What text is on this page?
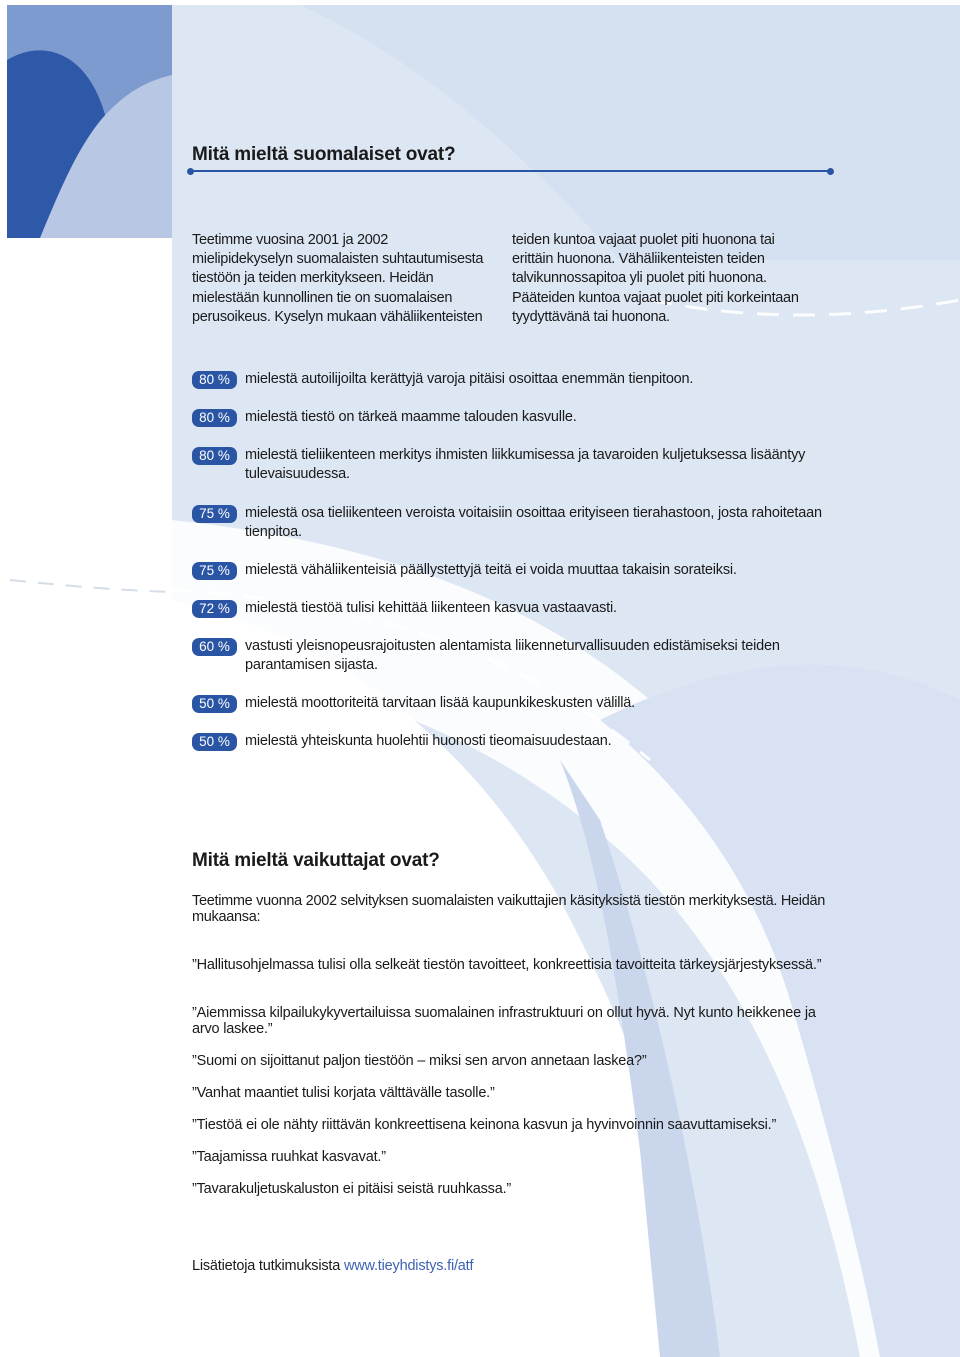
Mitä mieltä suomalaiset ovat?
Teetimme vuosina 2001 ja 2002 mielipidekyselyn suomalaisten suhtautumisesta tiestöön ja teiden merkitykseen. Heidän mielestään kunnollinen tie on suomalaisen perusoikeus. Kyselyn mukaan vähäliikenteisten
teiden kuntoa vajaat puolet piti huonona tai erittäin huonona. Vähäliikenteisten teiden talvikunnossapitoa yli puolet piti huonona. Pääteiden kuntoa vajaat puolet piti korkeintaan tyydyttävänä tai huonona.
80 %	mielestä autoilijoilta kerättyjä varoja pitäisi osoittaa enemmän tienpitoon.
80 %	mielestä tiestö on tärkeä maamme talouden kasvulle.
80 %	mielestä tieliikenteen merkitys ihmisten liikkumisessa ja tavaroiden kuljetuksessa lisääntyy tulevaisuudessa.
75 %	mielestä osa tieliikenteen veroista voitaisiin osoittaa erityiseen tierahastoon, josta rahoitetaan tienpitoa.
75 %	mielestä vähäliikenteisiä päällystettyjä teitä ei voida muuttaa takaisin sorateiksi.
72 %	mielestä tiestöä tulisi kehittää liikenteen kasvua vastaavasti.
60 %	vastusti yleisnopeusrajoitusten alentamista liikenneturvallisuuden edistämiseksi teiden parantamisen sijasta.
50 %	mielestä moottoriteitä tarvitaan lisää kaupunkikeskusten välillä.
50 %	mielestä yhteiskunta huolehtii huonosti tieomaisuudestaan.
Mitä mieltä vaikuttajat ovat?
Teetimme vuonna 2002 selvityksen suomalaisten vaikuttajien käsityksistä tiestön merkityksestä. Heidän mukaansa:
”Hallitusohjelmassa tulisi olla selkeät tiestön tavoitteet, konkreettisia tavoitteita tärkeysjärjestyksessä.”
”Aiemmissa kilpailukykyvertailuissa suomalainen infrastruktuuri on ollut hyvä. Nyt kunto heikkenee ja arvo laskee.”
”Suomi on sijoittanut paljon tiestöön – miksi sen arvon annetaan laskea?”
”Vanhat maantiet tulisi korjata välttävälle tasolle.”
”Tiestöä ei ole nähty riittävän konkreettisena keinona kasvun ja hyvinvoinnin saavuttamiseksi.”
”Taajamissa ruuhkat kasvavat.”
”Tavarakuljetuskaluston ei pitäisi seistä ruuhkassa.”
Lisätietoja tutkimuksista www.tieyhdistys.fi/atf
